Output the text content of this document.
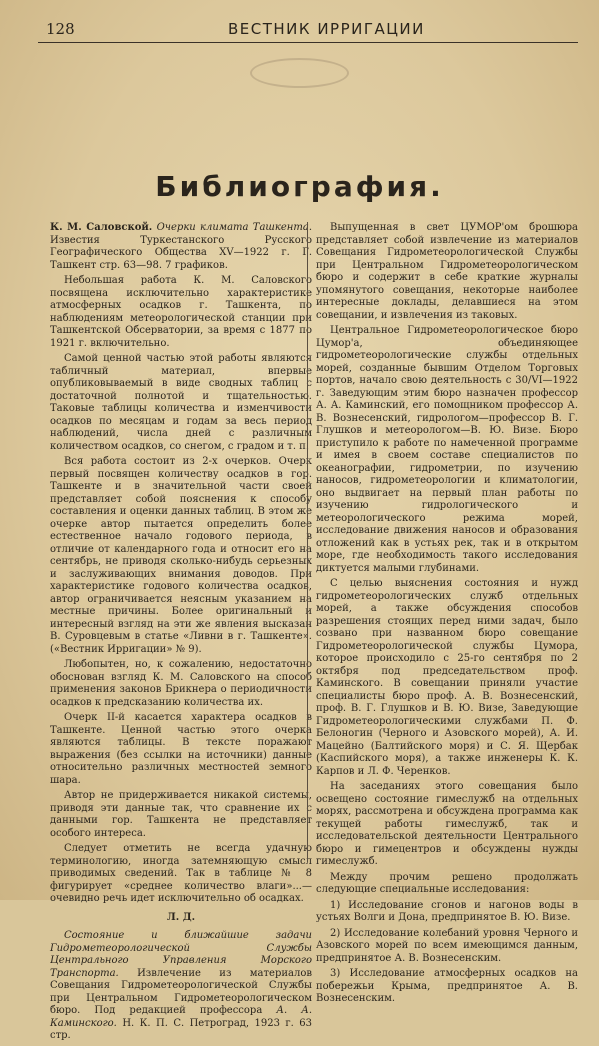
128	ВЕСТНИК ИРРИГАЦИИ
Библиография.

К. М. Саловской. Очерки климата Ташкента. Известия Туркестанского Русского Географического Общества XV—1922 г. Г. Ташкент стр. 63—98. 7 графиков.

Небольшая работа К. М. Саловского посвящена исключительно характеристике атмосферных осадков г. Ташкента, по наблюдениям метеорологической станции при Ташкентской Обсерватории, за время с 1877 по 1921 г. включительно.

Самой ценной частью этой работы являются табличный материал, впервые опубликовываемый в виде сводных таблиц с достаточной полнотой и тщательностью. Таковые таблицы количества и изменчивости осадков по месяцам и годам за весь период наблюдений, числа дней с различным количеством осадков, со снегом, с градом и т. п.

Вся работа состоит из 2-х очерков. Очерк первый посвящен количеству осадков в гор. Ташкенте и в значительной части своей представляет собой пояснения к способу составления и оценки данных таблиц. В этом же очерке автор пытается определить более естественное начало годового периода, в отличие от календарного года и относит его на сентябрь, не приводя сколько-нибудь серьезных и заслуживающих внимания доводов. При характеристике годового количества осадков, автор ограничивается неясным указанием на местные причины. Более оригинальный и интересный взгляд на эти же явления высказан В. Суровцевым в статье «Ливни в г. Ташкенте». («Вестник Ирригации» № 9).

Любопытен, но, к сожалению, недостаточно обоснован взгляд К. М. Саловского на способ применения законов Брикнера о периодичности осадков к предсказанию количества их.

Очерк II-й касается характера осадков в Ташкенте. Ценной частью этого очерка являются таблицы. В тексте поражают выражения (без ссылки на источники) данные относительно различных местностей земного шара.

Автор не придерживается никакой системы, приводя эти данные так, что сравнение их с данными гор. Ташкента не представляет особого интереса.

Следует отметить не всегда удачную терминологию, иногда затемняющую смысл приводимых сведений. Так в таблице № 8 фигурирует «среднее количество влаги»...—очевидно речь идет исключительно об осадках.

Л. Д.

Состояние и ближайшие задачи Гидрометеорологической Службы Центрального Управления Морского Транспорта. Извлечение из материалов Совещания Гидрометеорологической Службы при Центральном Гидрометеорологическом бюро. Под редакцией профессора А. А. Каминского. Н. К. П. С. Петроград, 1923 г. 63 стр.

Выпущенная в свет ЦУМОР'ом брошюра представляет собой извлечение из материалов Совещания Гидрометеорологической Службы при Центральном Гидрометеорологическом бюро и содержит в себе краткие журналы упомянутого совещания, некоторые наиболее интересные доклады, делавшиеся на этом совещании, и извлечения из таковых.

Центральное Гидрометеорологическое бюро Цумор'а, объединяющее гидрометеорологические службы отдельных морей, созданные бывшим Отделом Торговых портов, начало свою деятельность с 30/VI—1922 г. Заведующим этим бюро назначен профессор А. А. Каминский, его помощником профессор А. В. Вознесенский, гидрологом—профессор В. Г. Глушков и метеорологом—В. Ю. Визе. Бюро приступило к работе по намеченной программе и имея в своем составе специалистов по океанографии, гидрометрии, по изучению наносов, гидрометеорологии и климатологии, оно выдвигает на первый план работы по изучению гидрологического и метеорологического режима морей, исследование движения наносов и образования отложений как в устьях рек, так и в открытом море, где необходимость такого исследования диктуется малыми глубинами.

С целью выяснения состояния и нужд гидрометеорологических служб отдельных морей, а также обсуждения способов разрешения стоящих перед ними задач, было созвано при названном бюро совещание Гидрометеорологической службы Цумора, которое происходило с 25-го сентября по 2 октября под председательством проф. Каминского. В совещании приняли участие специалисты бюро проф. А. В. Вознесенский, проф. В. Г. Глушков и В. Ю. Визе, Заведующие Гидрометеорологическими службами П. Ф. Белоногин (Черного и Азовского морей), А. И. Мацейно (Балтийского моря) и С. Я. Щербак (Каспийского моря), а также инженеры К. К. Карпов и Л. Ф. Черенков.

На заседаниях этого совещания было освещено состояние гимеслужб на отдельных морях, рассмотрена и обсуждена программа как текущей работы гимеслужб, так и исследовательской деятельности Центрального бюро и гимецентров и обсуждены нужды гимеслужб.

Между прочим решено продолжать следующие специальные исследования:

1) Исследование сгонов и нагонов воды в устьях Волги и Дона, предпринятое В. Ю. Визе.

2) Исследование колебаний уровня Черного и Азовского морей по всем имеющимся данным, предпринятое А. В. Вознесенским.

3) Исследование атмосферных осадков на побережьи Крыма, предпринятое А. В. Вознесенским.
